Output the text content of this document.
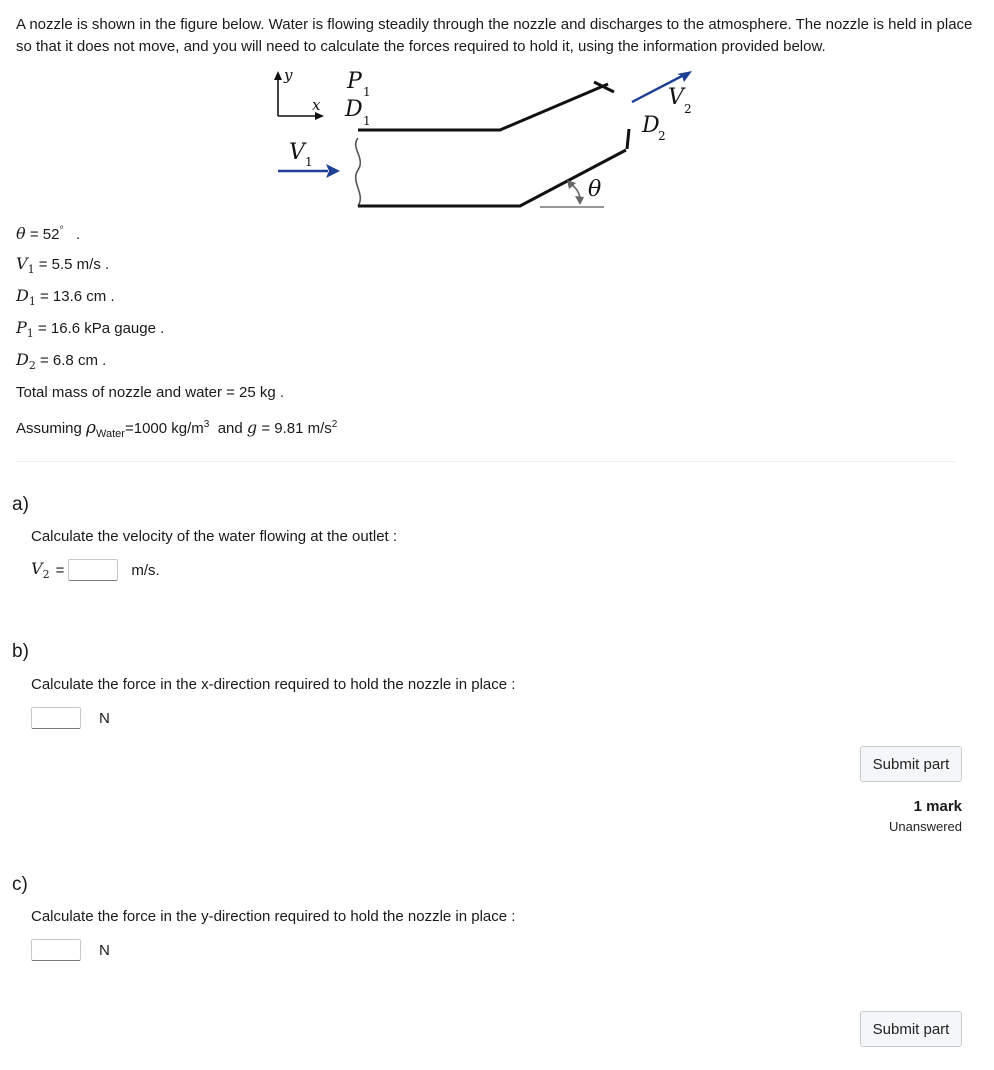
A nozzle is shown in the figure below. Water is flowing steadily through the nozzle and discharges to the atmosphere. The nozzle is held in place so that it does not move, and you will need to calculate the forces required to hold it, using the information provided below.
y
x
P 1
D 1
V 1
θ
V 2
D
2
θ = 52° .
$V_1 = 5.5$ m/s .
$D_1 = 13.6$ cm .
$P_1 = 16.6$ kPa gauge .
$D_2 = 6.8$ cm .
Total mass of nozzle and water = 25 kg .
Assuming $\rho_{Water}=1000$ $kg/m^3$ and g = 9.81 $m/s^2$
a)
Calculate the velocity of the water flowing at the outlet :
$V_2$ =	m/s.
b)
Calculate the force in the x-direction required to hold the nozzle in place :
N
Submit part
1 mark
Unanswered
c)
Calculate the force in the y-direction required to hold the nozzle in place :
N
Submit part
